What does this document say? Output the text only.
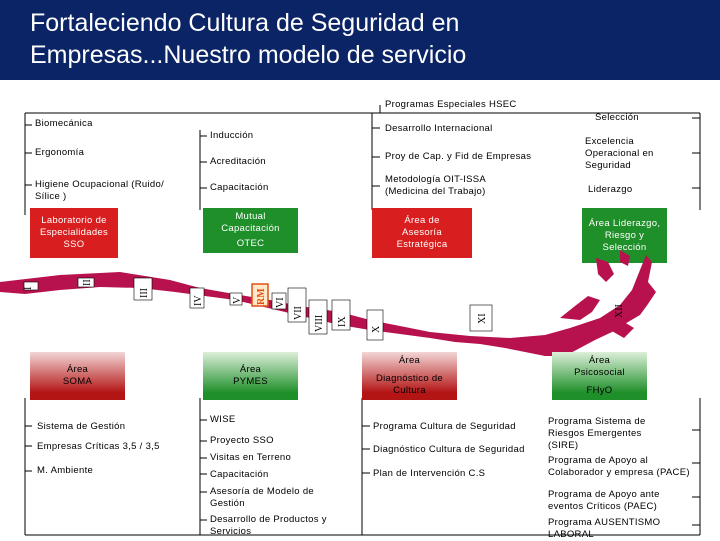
Fortaleciendo Cultura de Seguridad en
Empresas...Nuestro modelo de servicio
Programas Especiales HSEC
Biomecánica
Ergonomía
Higiene Ocupacional (Ruido/ Sílice )
Inducción
Acreditación
Capacitación
Desarrollo Internacional
Proy de Cap. y Fid de Empresas
Metodología OIT-ISSA (Medicina del Trabajo)
Selección
Excelencia Operacional en Seguridad
Liderazgo
Laboratorio de Especialidades SSO
Mutual Capacitación
OTEC
Área de Asesoría Estratégica
Área Liderazgo, Riesgo y Selección
I
II
III
IV	V RM VI
VII
VIII IX
X
XI
XII
Área
SOMA
Área
PYMES
Área
Diagnóstico de Cultura
Área
Psicosocial
FHyO
Sistema de Gestión
Empresas Críticas 3,5 / 3,5
M. Ambiente
WISE
Proyecto SSO
Visitas en Terreno
Capacitación
Asesoría de Modelo de Gestión
Desarrollo de Productos y Servicios
Programa Cultura de Seguridad
Diagnóstico Cultura de Seguridad
Plan de Intervención C.S
Programa Sistema de Riesgos Emergentes (SIRE)
Programa de Apoyo al Colaborador y empresa (PACE)
Programa de Apoyo ante eventos Críticos (PAEC)
Programa AUSENTISMO LABORAL
